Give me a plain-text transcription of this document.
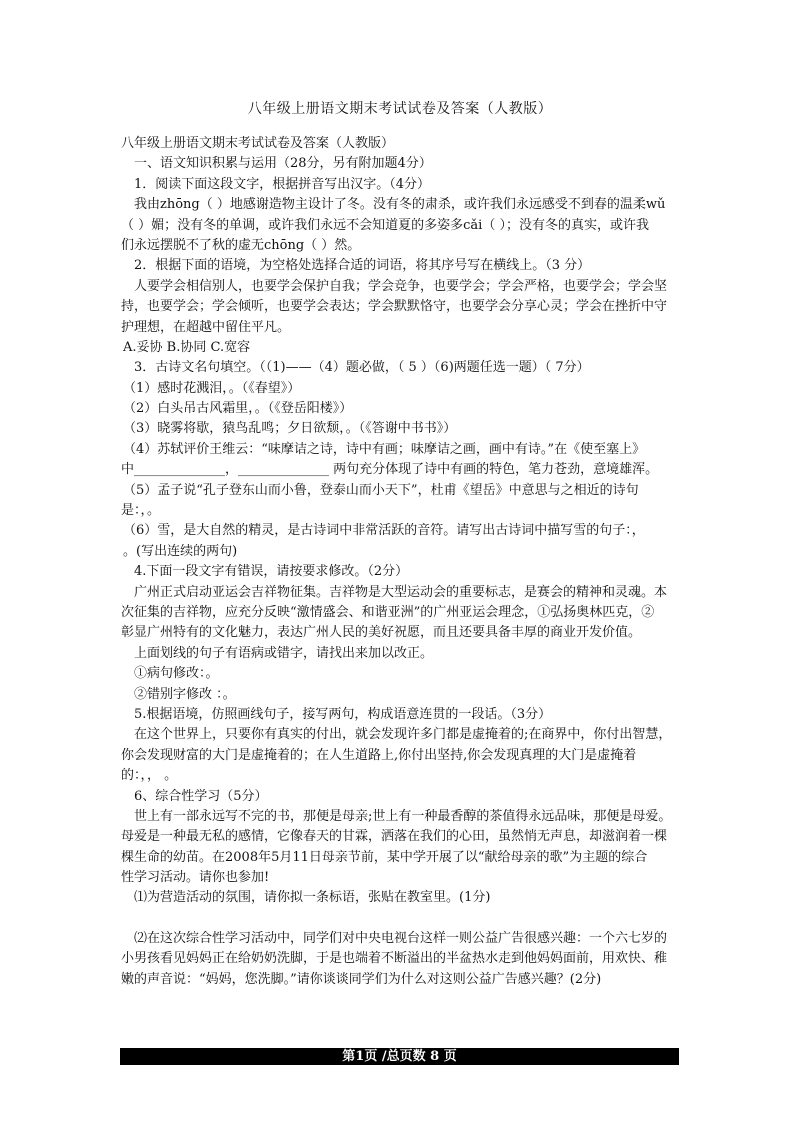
八年级上册语文期末考试试卷及答案（人教版）
八年级上册语文期末考试试卷及答案（人教版）
一、语文知识积累与运用（28分，另有附加题4分）
1．阅读下面这段文字，根据拼音写出汉字。（4分）
我由zhōng（ ）地感谢造物主设计了冬。没有冬的肃杀，或许我们永远感受不到春的温柔wǔ
（ ）媚；没有冬的单调，或许我们永远不会知道夏的多姿多cǎi（ ）；没有冬的真实，或许我
们永远摆脱不了秋的虚无chōng（ ）然。
2．根据下面的语境，为空格处选择合适的词语，将其序号写在横线上。（3 分）
人要学会相信别人，也要学会保护自我；学会竞争，也要学会；学会严格，也要学会；学会坚
持，也要学会；学会倾听，也要学会表达；学会默默恪守，也要学会分享心灵；学会在挫折中守
护理想，在超越中留住平凡。
A.妥协 B.协同 C.宽容
3．古诗文名句填空。（（1)——（4）题必做，（ 5 ）（6)两题任选一题）（ 7分）
（1）感时花溅泪，。（《春望》）
（2）白头吊古风霜里，。（《登岳阳楼》）
（3）晓雾将歇，猿鸟乱鸣；夕日欲颓，。（《答谢中书书》）
（4）苏轼评价王维云：“味摩诘之诗，诗中有画；味摩诘之画，画中有诗。”在《使至塞上》
中______________，______________ 两句充分体现了诗中有画的特色，笔力苍劲，意境雄浑。
（5）孟子说“孔子登东山而小鲁，登泰山而小天下”，杜甫《望岳》中意思与之相近的诗句
是：，。
（6）雪，是大自然的精灵，是古诗词中非常活跃的音符。请写出古诗词中描写雪的句子：，
。(写出连续的两句)
4.下面一段文字有错误，请按要求修改。（2分）
广州正式启动亚运会吉祥物征集。吉祥物是大型运动会的重要标志，是赛会的精神和灵魂。本
次征集的吉祥物，应充分反映“激情盛会、和谐亚洲”的广州亚运会理念，①弘扬奥林匹克，②
彰显广州特有的文化魅力，表达广州人民的美好祝愿，而且还要具备丰厚的商业开发价值。
上面划线的句子有语病或错字，请找出来加以改正。
①病句修改：。
②错别字修改 ：。
5.根据语境，仿照画线句子，接写两句，构成语意连贯的一段话。（3分）
在这个世界上，只要你有真实的付出，就会发现许多门都是虚掩着的;在商界中，你付出智慧，
你会发现财富的大门是虚掩着的；在人生道路上,你付出坚持,你会发现真理的大门是虚掩着
的：，， 。
6、综合性学习（5分）
世上有一部永远写不完的书，那便是母亲;世上有一种最香醇的茶值得永远品味，那便是母爱。
母爱是一种最无私的感情，它像春天的甘霖，洒落在我们的心田，虽然悄无声息，却滋润着一棵
棵生命的幼苗。在2008年5月11日母亲节前，某中学开展了以“献给母亲的歌”为主题的综合
性学习活动。请你也参加!
⑴为营造活动的氛围，请你拟一条标语，张贴在教室里。(1分)
⑵在这次综合性学习活动中，同学们对中央电视台这样一则公益广告很感兴趣：一个六七岁的
小男孩看见妈妈正在给奶奶洗脚，于是也端着不断溢出的半盆热水走到他妈妈面前，用欢快、稚
嫩的声音说：“妈妈，您洗脚。”请你谈谈同学们为什么对这则公益广告感兴趣？(2分)
第1页 /总页数 8 页
